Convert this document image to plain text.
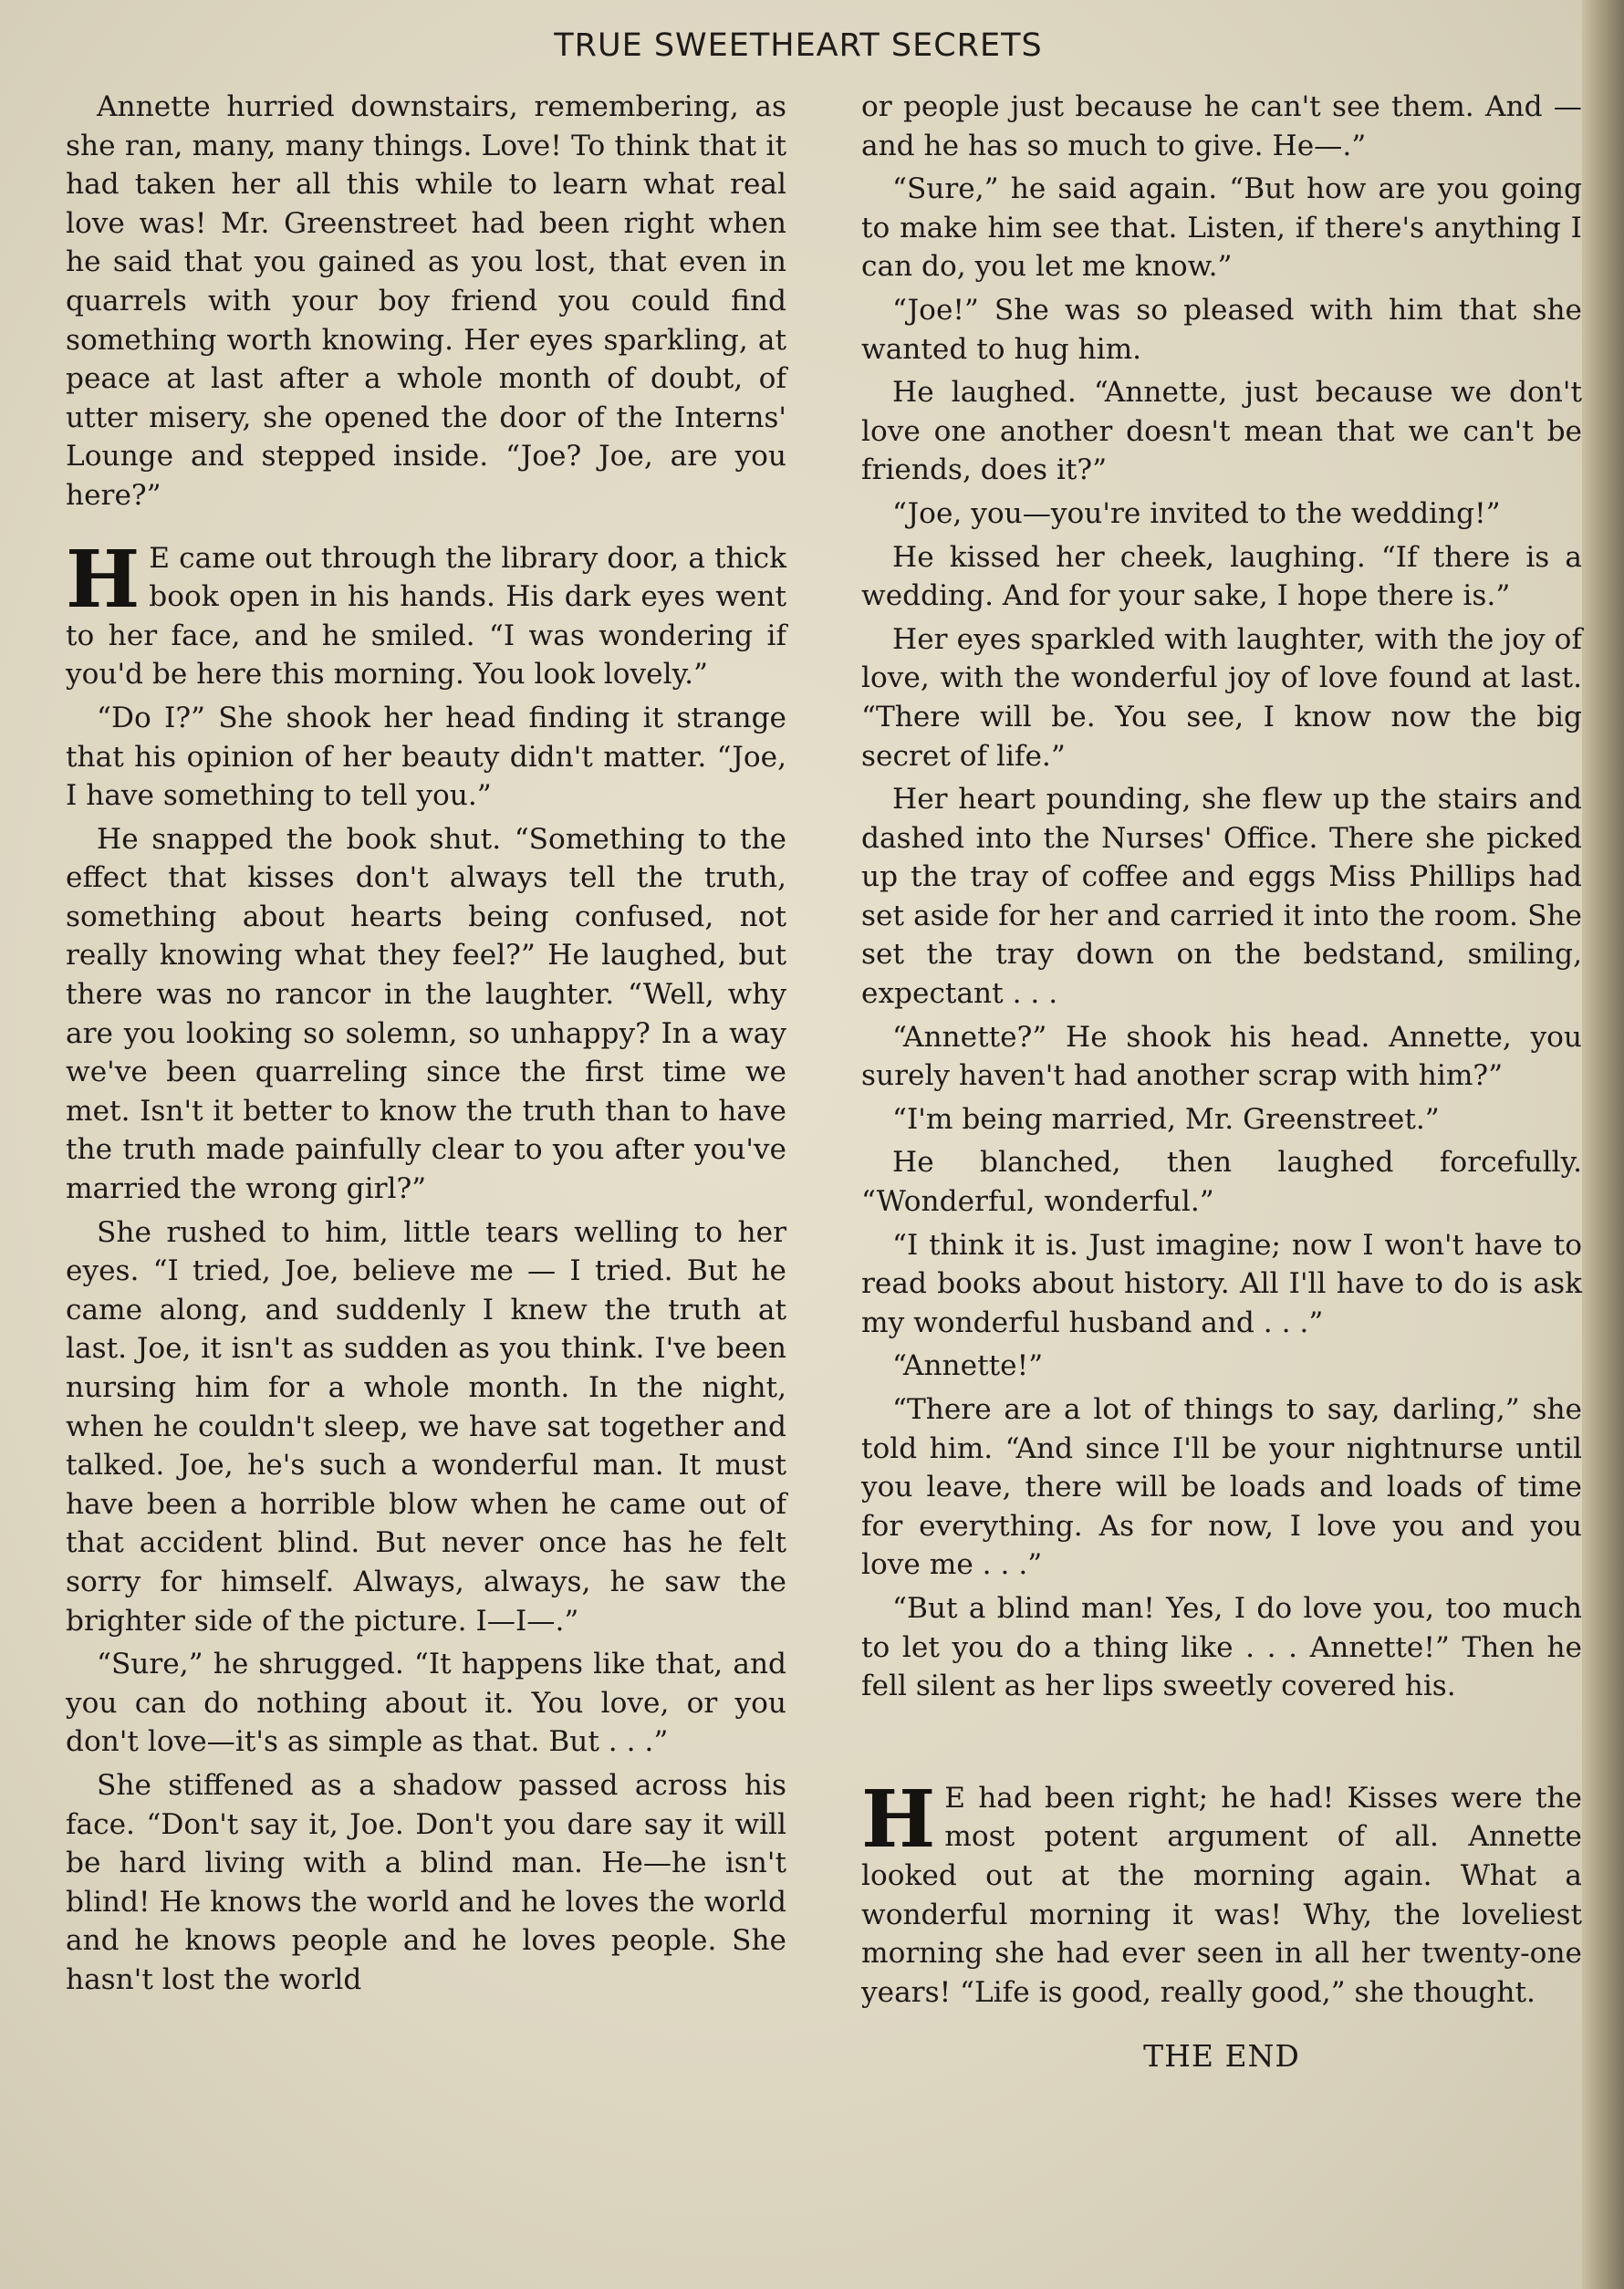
TRUE SWEETHEART SECRETS

Annette hurried downstairs, remembering, as she ran, many, many things. Love! To think that it had taken her all this while to learn what real love was! Mr. Greenstreet had been right when he said that you gained as you lost, that even in quarrels with your boy friend you could find something worth knowing. Her eyes sparkling, at peace at last after a whole month of doubt, of utter misery, she opened the door of the Interns' Lounge and stepped inside. “Joe? Joe, are you here?”

H E came out through the library door, a thick book open in his hands. His dark eyes went to her face, and he smiled. “I was wondering if you'd be here this morning. You look lovely.”

“Do I?” She shook her head finding it strange that his opinion of her beauty didn't matter. “Joe, I have something to tell you.”

He snapped the book shut. “Something to the effect that kisses don't always tell the truth, something about hearts being confused, not really knowing what they feel?” He laughed, but there was no rancor in the laughter. “Well, why are you looking so solemn, so unhappy? In a way we've been quarreling since the first time we met. Isn't it better to know the truth than to have the truth made painfully clear to you after you've married the wrong girl?”

She rushed to him, little tears welling to her eyes. “I tried, Joe, believe me — I tried. But he came along, and suddenly I knew the truth at last. Joe, it isn't as sudden as you think. I've been nursing him for a whole month. In the night, when he couldn't sleep, we have sat together and talked. Joe, he's such a wonderful man. It must have been a horrible blow when he came out of that accident blind. But never once has he felt sorry for himself. Always, always, he saw the brighter side of the picture. I—I—.”

“Sure,” he shrugged. “It happens like that, and you can do nothing about it. You love, or you don't love—it's as simple as that. But . . .”

She stiffened as a shadow passed across his face. “Don't say it, Joe. Don't you dare say it will be hard living with a blind man. He—he isn't blind! He knows the world and he loves the world and he knows people and he loves people. She hasn't lost the world

or people just because he can't see them. And —and he has so much to give. He—.”

“Sure,” he said again. “But how are you going to make him see that. Listen, if there's anything I can do, you let me know.”

“Joe!” She was so pleased with him that she wanted to hug him.

He laughed. “Annette, just because we don't love one another doesn't mean that we can't be friends, does it?”

“Joe, you—you're invited to the wedding!”

He kissed her cheek, laughing. “If there is a wedding. And for your sake, I hope there is.”

Her eyes sparkled with laughter, with the joy of love, with the wonderful joy of love found at last. “There will be. You see, I know now the big secret of life.”

Her heart pounding, she flew up the stairs and dashed into the Nurses' Office. There she picked up the tray of coffee and eggs Miss Phillips had set aside for her and carried it into the room. She set the tray down on the bedstand, smiling, expectant . . .

“Annette?” He shook his head. Annette, you surely haven't had another scrap with him?”

“I'm being married, Mr. Greenstreet.”

He blanched, then laughed forcefully. “Wonderful, wonderful.”

“I think it is. Just imagine; now I won't have to read books about history. All I'll have to do is ask my wonderful husband and . . .”

“Annette!”

“There are a lot of things to say, darling,” she told him. “And since I'll be your nightnurse until you leave, there will be loads and loads of time for everything. As for now, I love you and you love me . . .”

“But a blind man! Yes, I do love you, too much to let you do a thing like . . . Annette!” Then he fell silent as her lips sweetly covered his.

H E had been right; he had! Kisses were the most potent argument of all. Annette looked out at the morning again. What a wonderful morning it was! Why, the loveliest morning she had ever seen in all her twenty-one years! “Life is good, really good,” she thought.

THE END
